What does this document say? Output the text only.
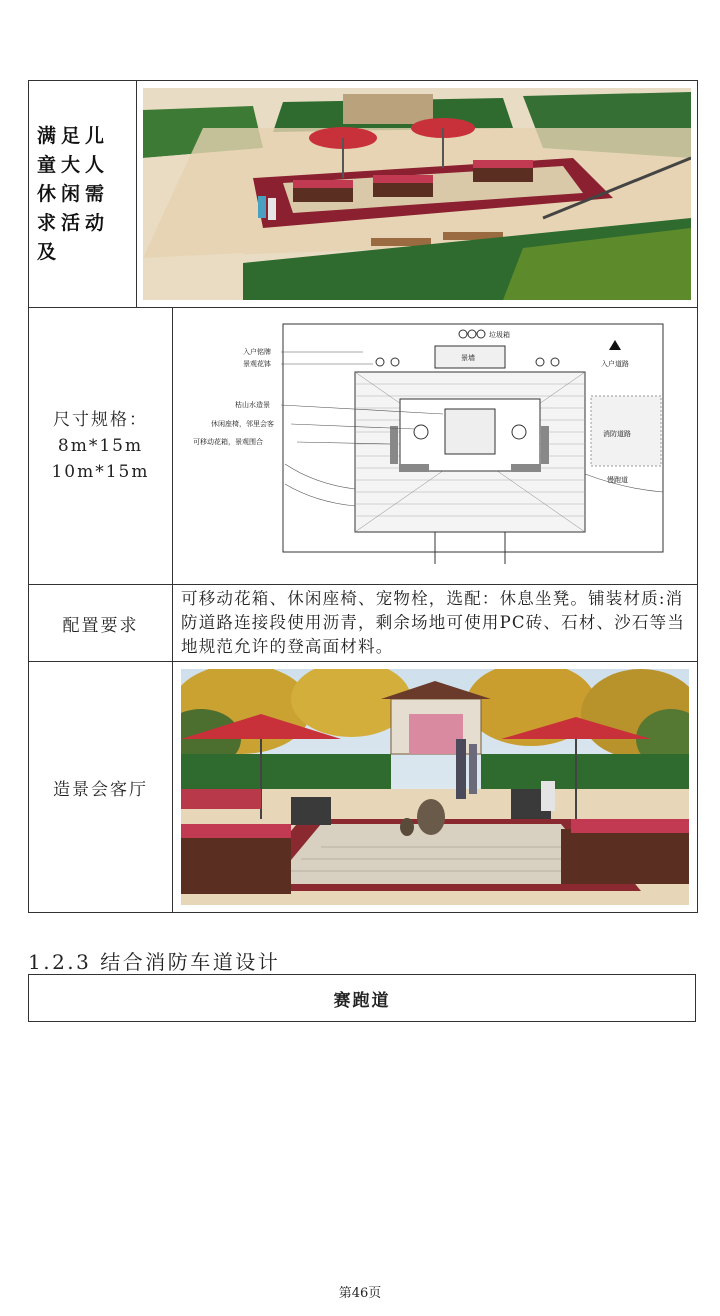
满足儿童大人休闲需求活动及
尺寸规格：
8m*15m
10m*15m
景墙
垃圾箱
入户铭牌
景观花钵
枯山水造景
休闲座椅，邻里会客
可移动花箱，景观围合
入户道路
消防道路
慢跑道
配置要求
可移动花箱、休闲座椅、宠物栓，选配：休息坐凳。铺装材质:消防道路连接段使用沥青，剩余场地可使用PC砖、石材、沙石等当地规范允许的登高面材料。
造景会客厅
1.2.3 结合消防车道设计
赛跑道
第46页
